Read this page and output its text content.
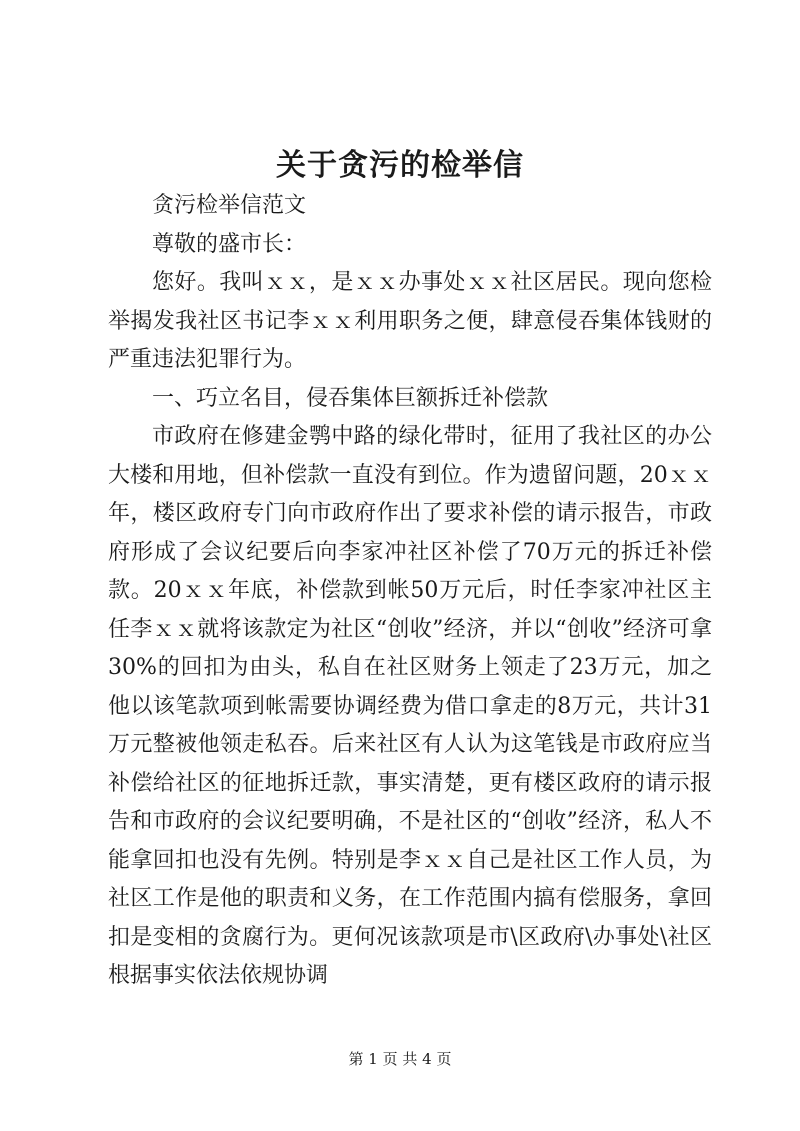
关于贪污的检举信

贪污检举信范文

尊敬的盛市长：

您好。我叫ｘｘ，是ｘｘ办事处ｘｘ社区居民。现向您检举揭发我社区书记李ｘｘ利用职务之便，肆意侵吞集体钱财的严重违法犯罪行为。

一、巧立名目，侵吞集体巨额拆迁补偿款

市政府在修建金鹗中路的绿化带时，征用了我社区的办公大楼和用地，但补偿款一直没有到位。作为遗留问题，20ｘｘ年，楼区政府专门向市政府作出了要求补偿的请示报告，市政府形成了会议纪要后向李家冲社区补偿了70万元的拆迁补偿款。20ｘｘ年底，补偿款到帐50万元后，时任李家冲社区主任李ｘｘ就将该款定为社区“创收”经济，并以“创收”经济可拿30%的回扣为由头，私自在社区财务上领走了23万元，加之他以该笔款项到帐需要协调经费为借口拿走的8万元，共计31万元整被他领走私吞。后来社区有人认为这笔钱是市政府应当补偿给社区的征地拆迁款，事实清楚，更有楼区政府的请示报告和市政府的会议纪要明确，不是社区的“创收”经济，私人不能拿回扣也没有先例。特别是李ｘｘ自己是社区工作人员，为社区工作是他的职责和义务，在工作范围内搞有偿服务，拿回扣是变相的贪腐行为。更何况该款项是市\区政府\办事处\社区根据事实依法依规协调

第 1 页 共 4 页
